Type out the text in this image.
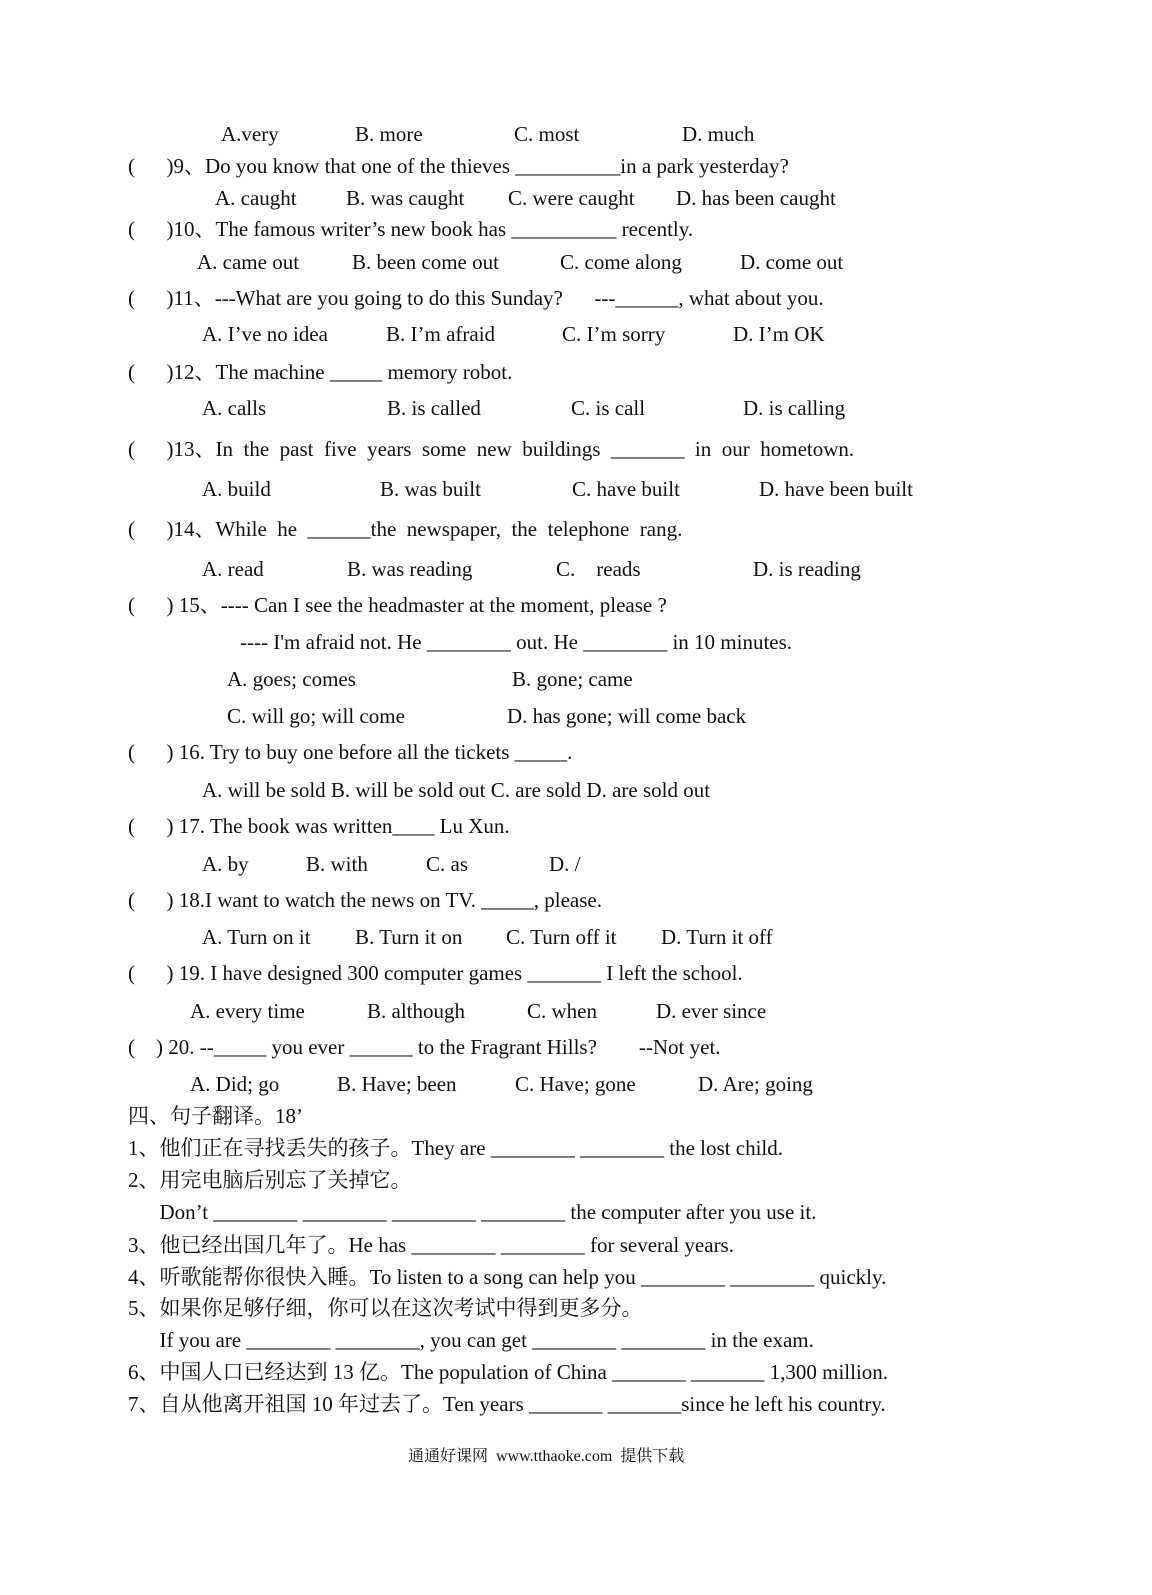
A.very	B. more	C. most	D. much
(      )9、Do you know that one of the thieves __________in a park yesterday?
A. caught B. was caught C. were caught D. has been caught
(      )10、The famous writer’s new book has __________ recently.
A. came out	B. been come out	C. come along	D. come out
(      )11、---What are you going to do this Sunday?      ---______, what about you.
A. I’ve no idea	B. I’m afraid	C. I’m sorry	D. I’m OK
(      )12、The machine _____ memory robot.
A. calls	B. is called	C. is call	D. is calling
(      )13、In  the  past  five  years  some  new  buildings  _______  in  our  hometown.
A. build	B. was built	C. have built	D. have been built
(      )14、While  he  ______the  newspaper,  the  telephone  rang.
A. read	B. was reading	C.    reads	D. is reading
(      ) 15、---- Can I see the headmaster at the moment, please ?
---- I'm afraid not. He ________ out. He ________ in 10 minutes.
A. goes; comes	B. gone; came
C. will go; will come	D. has gone; will come back
(      ) 16. Try to buy one before all the tickets _____.
A. will be sold B. will be sold out C. are sold D. are sold out
(      ) 17. The book was written____ Lu Xun.
A. by	B. with	C. as	D. /
(      ) 18.I want to watch the news on TV. _____, please.
A. Turn on it B. Turn it on C. Turn off it D. Turn it off
(      ) 19. I have designed 300 computer games _______ I left the school.
A. every time	B. although	C. when	D. ever since
(    ) 20. --_____ you ever ______ to the Fragrant Hills?        --Not yet.
A. Did; go	B. Have; been	C. Have; gone	D. Are; going
四、句子翻译。18’
1、他们正在寻找丢失的孩子。They are ________ ________ the lost child.
2、用完电脑后别忘了关掉它。
Don’t ________ ________ ________ ________ the computer after you use it.
3、他已经出国几年了。He has ________ ________ for several years.
4、听歌能帮你很快入睡。To listen to a song can help you ________ ________ quickly.
5、如果你足够仔细，你可以在这次考试中得到更多分。
If you are ________ ________, you can get ________ ________ in the exam.
6、中国人口已经达到 13 亿。The population of China _______ _______ 1,300 million.
7、自从他离开祖国 10 年过去了。Ten years _______ _______since he left his country.
通通好课网  www.tthaoke.com  提供下载
